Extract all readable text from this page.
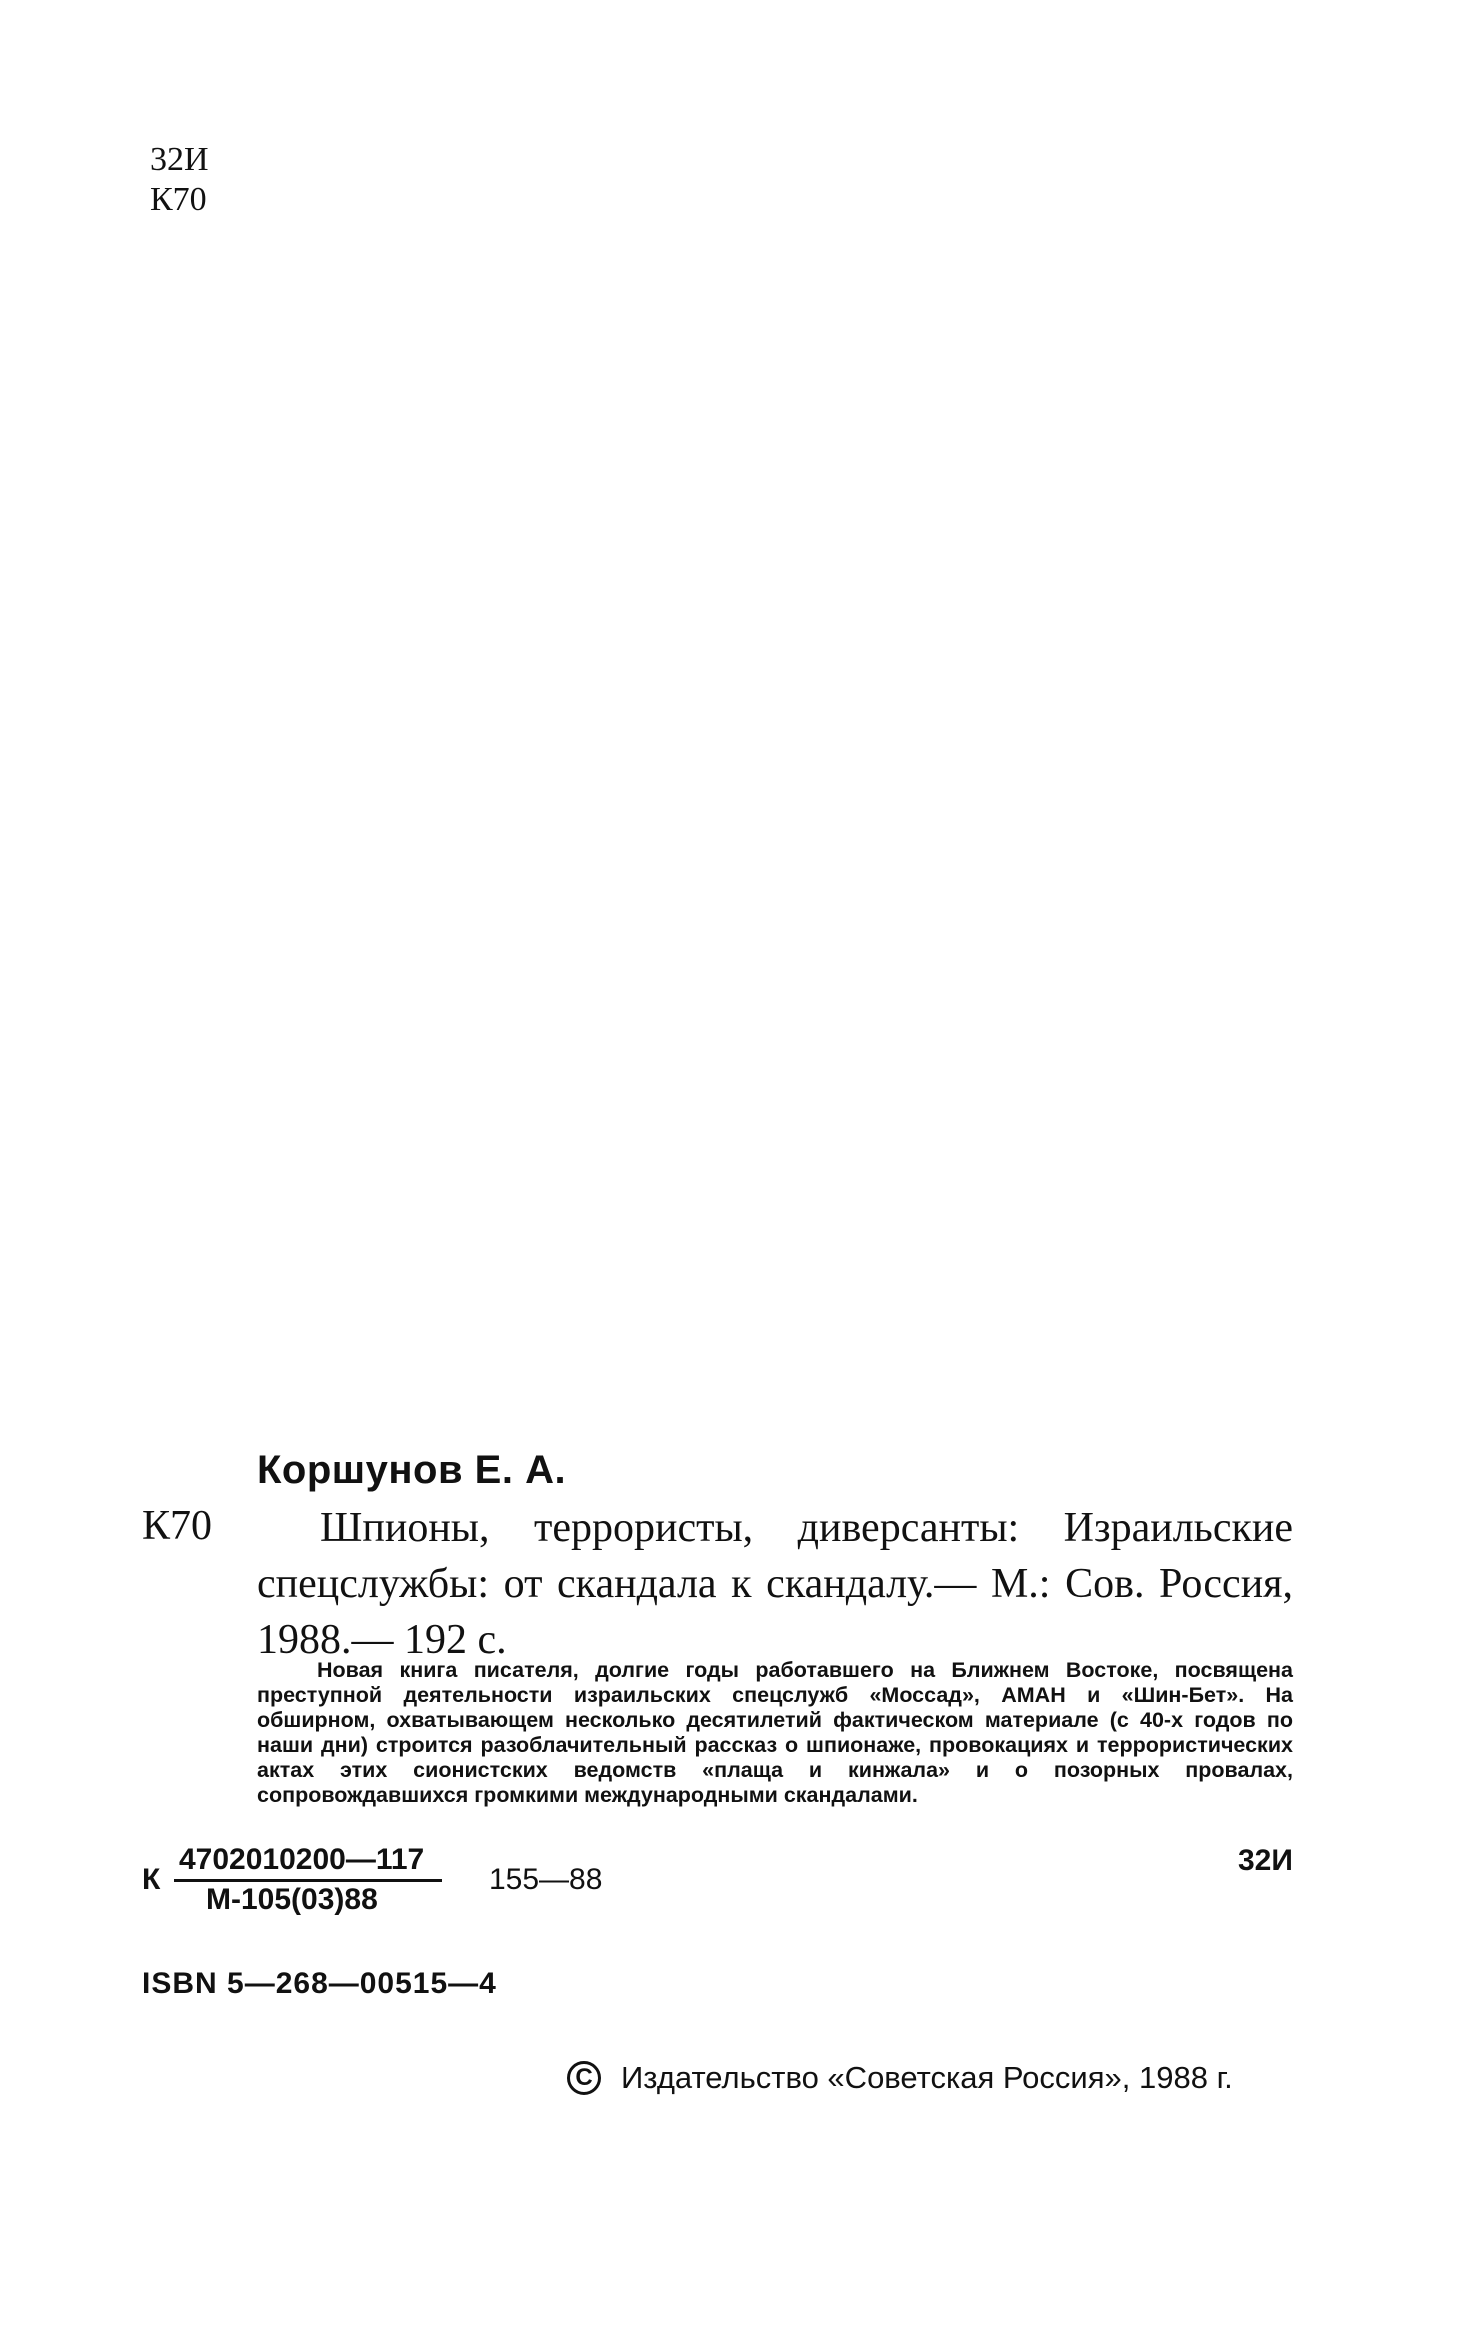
32И
К70
Коршунов Е. А.
К70	Шпионы, террористы, диверсанты: Израильские спецслужбы: от скандала к скандалу.— М.: Сов. Россия, 1988.— 192 с.

Новая книга писателя, долгие годы работавшего на Ближнем Востоке, посвящена преступной деятельности израильских спецслужб «Моссад», АМАН и «Шин-Бет». На обширном, охватывающем несколько десятилетий фактическом материале (с 40-х годов по наши дни) строится разоблачительный рассказ о шпионаже, провокациях и террористических актах этих сионистских ведомств «плаща и кинжала» и о позорных провалах, сопровождавшихся громкими международными скандалами.

32И
К
4702010200—117
М-105(03)88
155—88
ISBN 5—268—00515—4
C Издательство «Советская Россия», 1988 г.
